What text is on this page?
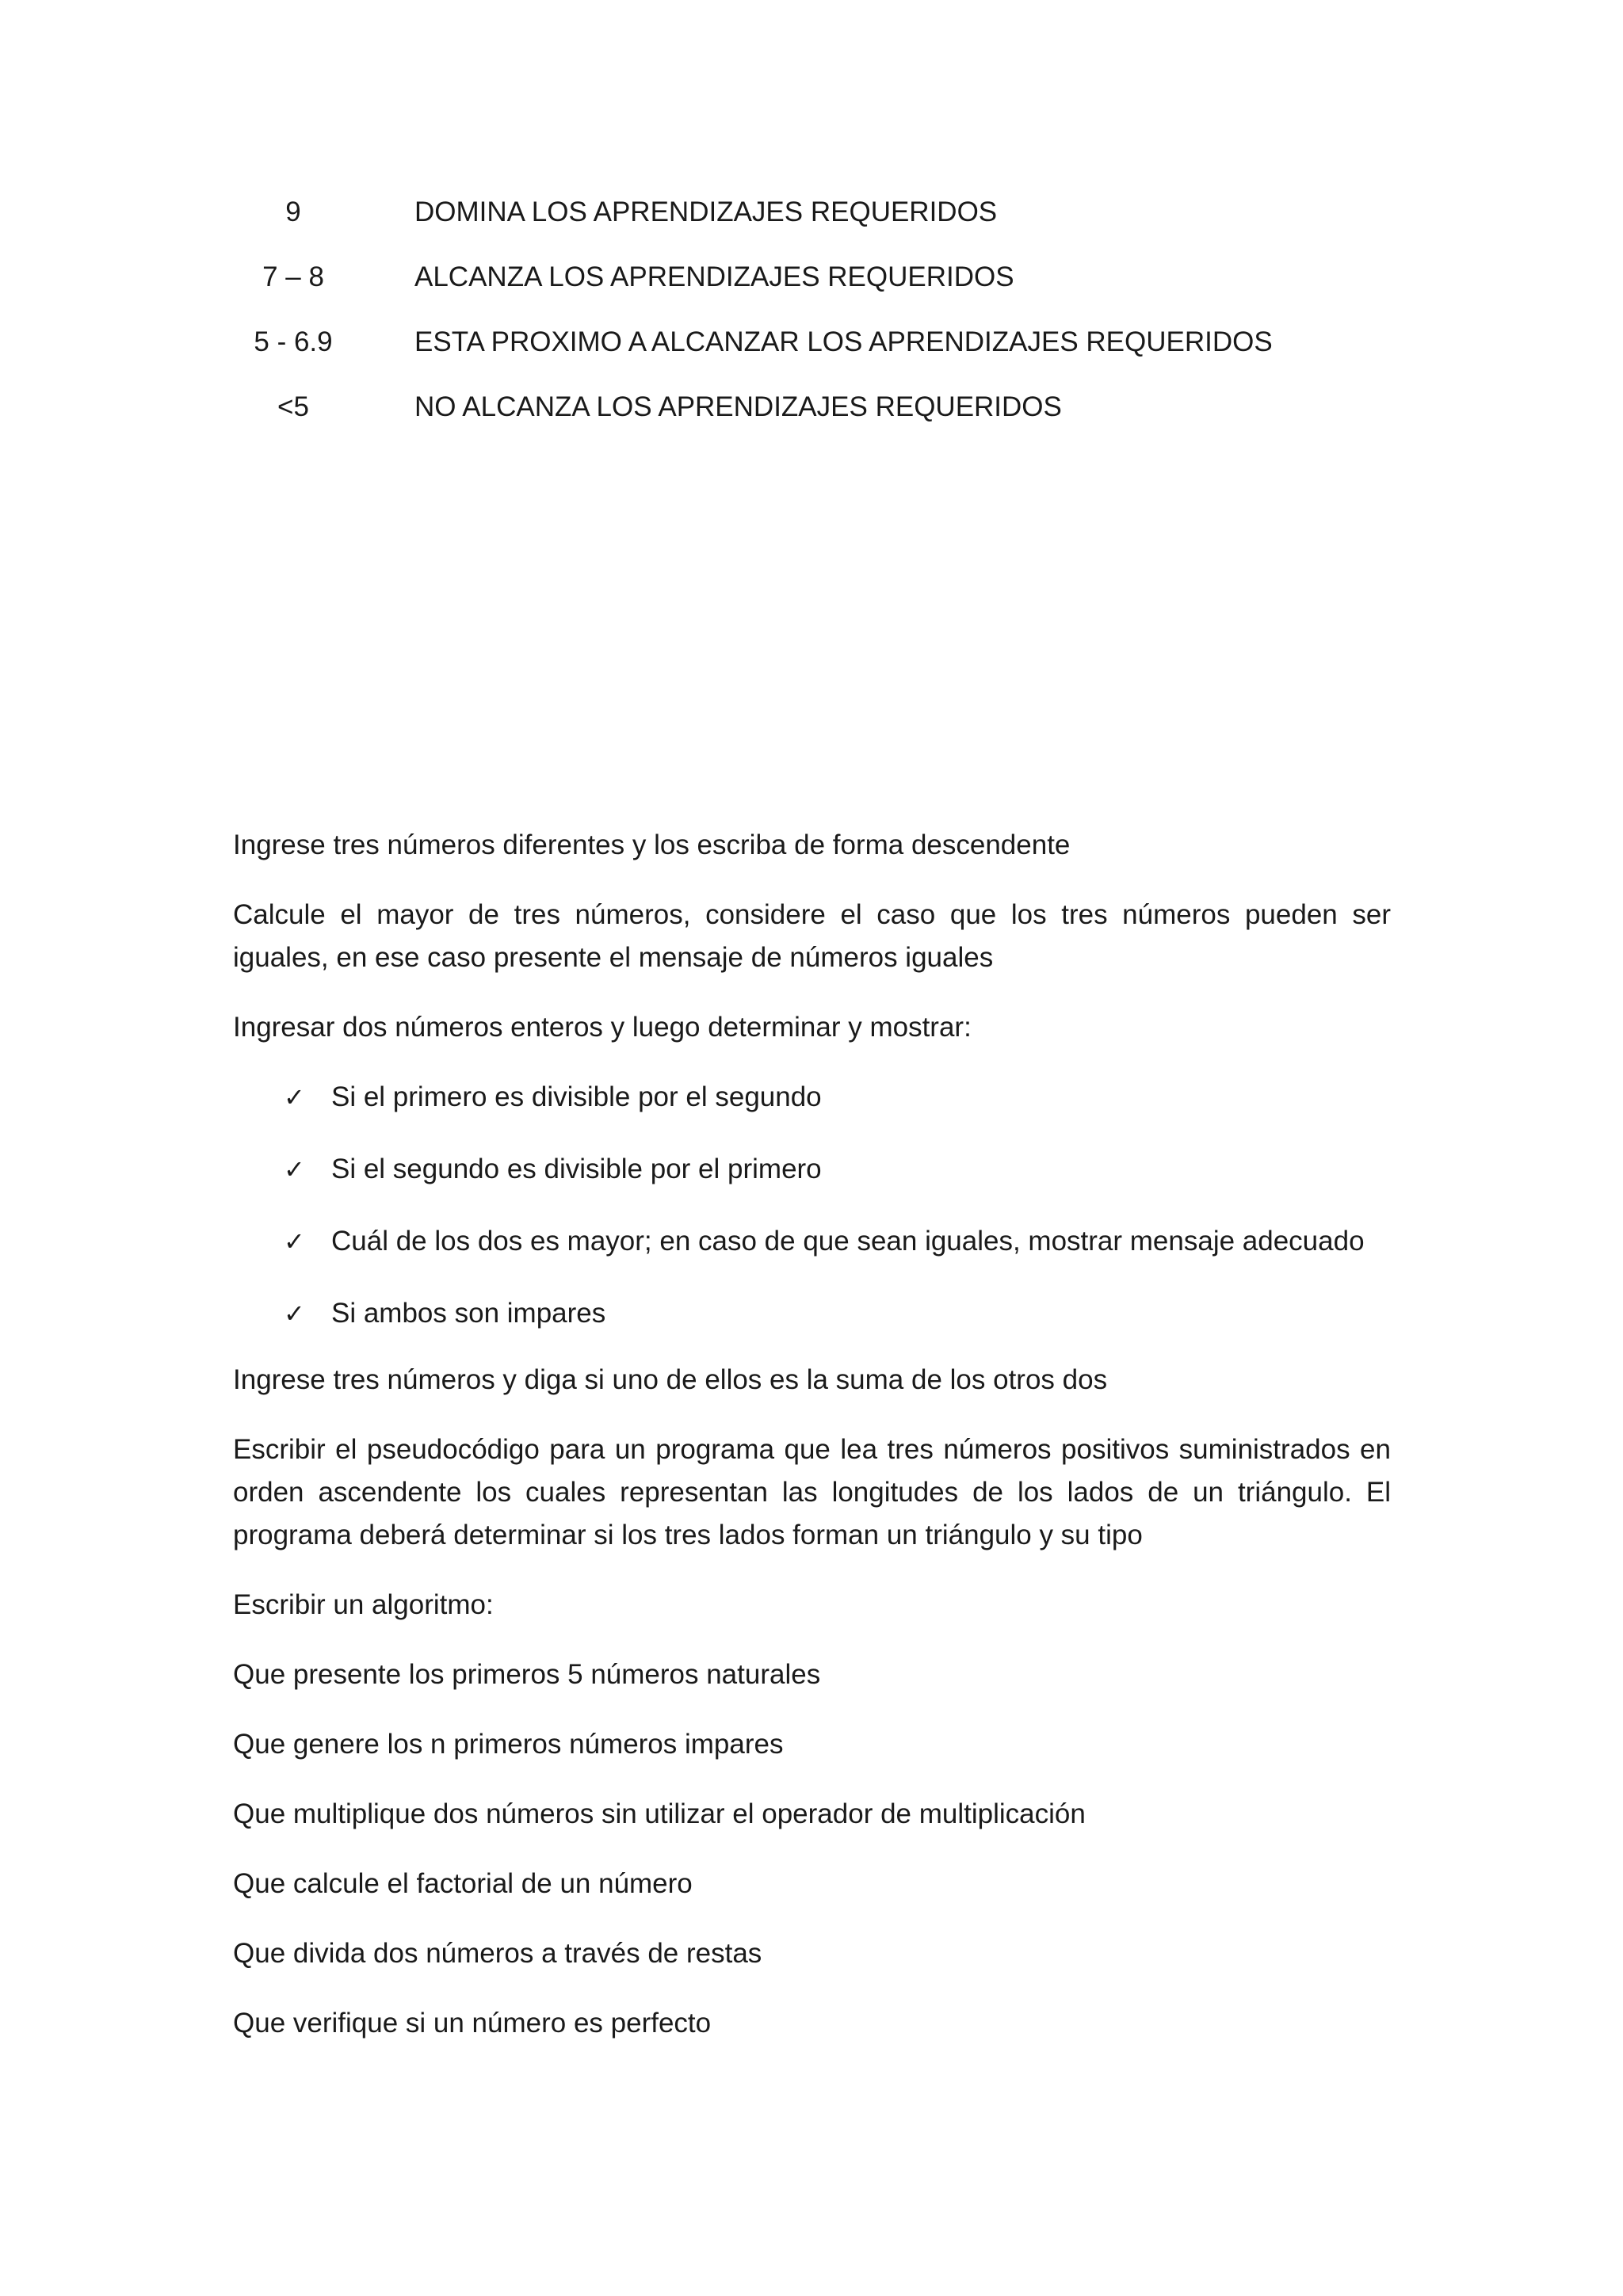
9	DOMINA LOS APRENDIZAJES REQUERIDOS
7 – 8	ALCANZA LOS APRENDIZAJES REQUERIDOS
5 - 6.9	ESTA PROXIMO A ALCANZAR LOS APRENDIZAJES REQUERIDOS
<5	NO ALCANZA LOS APRENDIZAJES REQUERIDOS

Ingrese tres números diferentes y los escriba de forma descendente

Calcule el mayor de tres números, considere el caso que los tres números pueden ser iguales, en ese caso presente el mensaje de números iguales

Ingresar dos números enteros y luego determinar y mostrar:

✓ Si el primero es divisible por el segundo
✓ Si el segundo es divisible por el primero
✓ Cuál de los dos es mayor; en caso de que sean iguales, mostrar mensaje adecuado
✓ Si ambos son impares

Ingrese tres números y diga si uno de ellos es la suma de los otros dos

Escribir el pseudocódigo para un programa que lea tres números positivos suministrados en orden ascendente los cuales representan las longitudes de los lados de un triángulo. El programa deberá determinar si los tres lados forman un triángulo y su tipo

Escribir un algoritmo:

Que presente los primeros 5 números naturales

Que genere los n primeros números impares

Que multiplique dos números sin utilizar el operador de multiplicación

Que calcule el factorial de un número

Que divida dos números a través de restas

Que verifique si un número es perfecto
